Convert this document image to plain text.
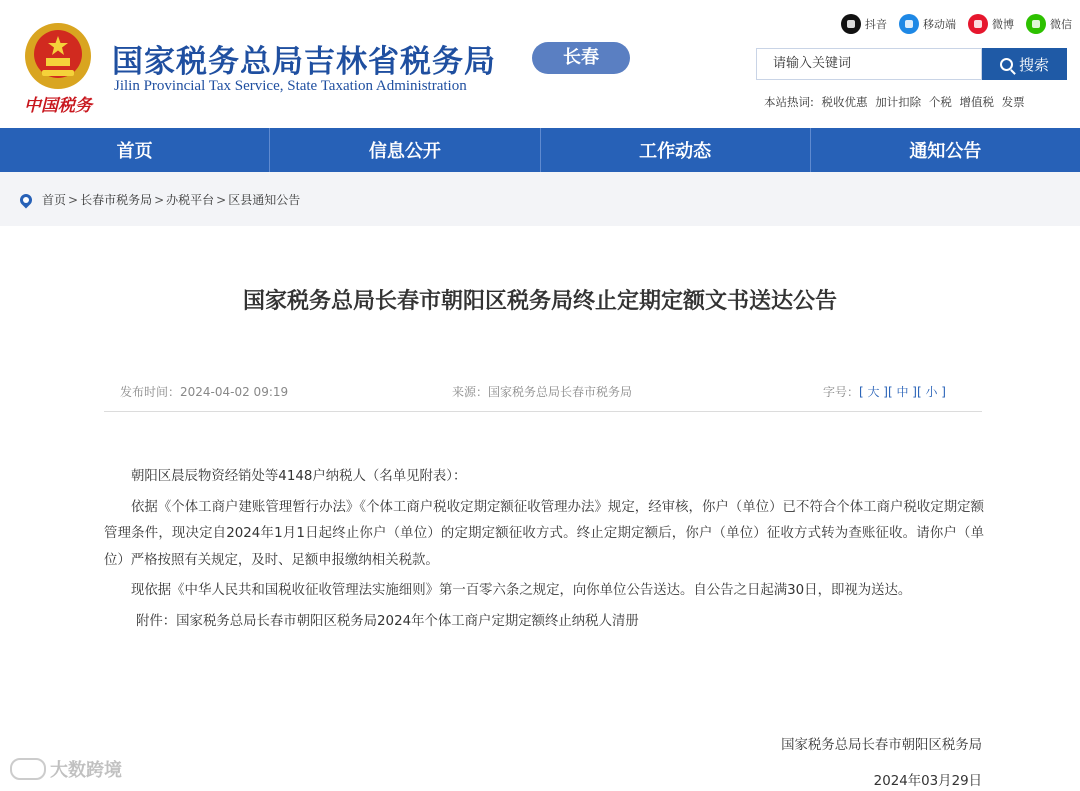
中国税务
国家税务总局吉林省税务局
Jilin Provincial Tax Service, State Taxation Administration
长春
抖音	移动端	微博	微信
请输入关键词	搜索
本站热词: 税收优惠 加计扣除 个税 增值税 发票
首页	信息公开	工作动态	通知公告
首页 > 长春市税务局 > 办税平台 > 区县通知公告
国家税务总局长春市朝阳区税务局终止定期定额文书送达公告
发布时间：2024-04-02 09:19	来源：国家税务总局长春市税务局	字号：[ 大 ][ 中 ][ 小 ]

朝阳区晨辰物资经销处等4148户纳税人（名单见附表）：

依据《个体工商户建账管理暂行办法》《个体工商户税收定期定额征收管理办法》规定，经审核，你户（单位）已不符合个体工商户税收定期定额管理条件，现决定自2024年1月1日起终止你户（单位）的定期定额征收方式。终止定期定额后，你户（单位）征收方式转为查账征收。请你户（单位）严格按照有关规定，及时、足额申报缴纳相关税款。

现依据《中华人民共和国税收征收管理法实施细则》第一百零六条之规定，向你单位公告送达。自公告之日起满30日，即视为送达。

附件：国家税务总局长春市朝阳区税务局2024年个体工商户定期定额终止纳税人清册

国家税务总局长春市朝阳区税务局
2024年03月29日
大数跨境
